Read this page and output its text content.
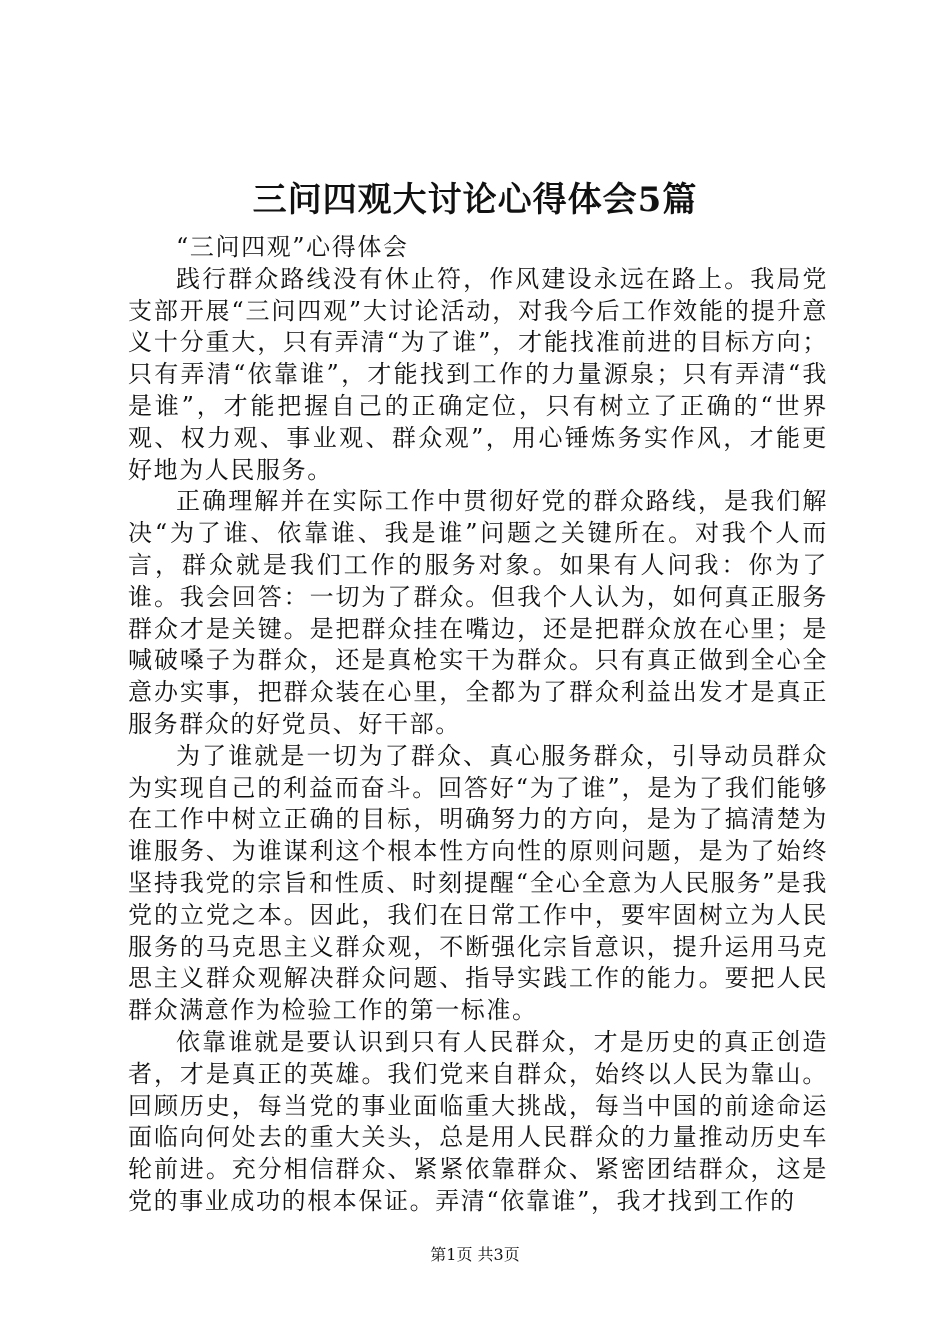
三问四观大讨论心得体会5篇

“三问四观”心得体会

践行群众路线没有休止符，作风建设永远在路上。我局党支部开展“三问四观”大讨论活动，对我今后工作效能的提升意义十分重大，只有弄清“为了谁”，才能找准前进的目标方向；只有弄清“依靠谁”，才能找到工作的力量源泉；只有弄清“我是谁”，才能把握自己的正确定位，只有树立了正确的“世界观、权力观、事业观、群众观”，用心锤炼务实作风，才能更好地为人民服务。

正确理解并在实际工作中贯彻好党的群众路线，是我们解决“为了谁、依靠谁、我是谁”问题之关键所在。对我个人而言，群众就是我们工作的服务对象。如果有人问我：你为了谁。我会回答：一切为了群众。但我个人认为，如何真正服务群众才是关键。是把群众挂在嘴边，还是把群众放在心里；是喊破嗓子为群众，还是真枪实干为群众。只有真正做到全心全意办实事，把群众装在心里，全都为了群众利益出发才是真正服务群众的好党员、好干部。

为了谁就是一切为了群众、真心服务群众，引导动员群众为实现自己的利益而奋斗。回答好“为了谁”，是为了我们能够在工作中树立正确的目标，明确努力的方向，是为了搞清楚为谁服务、为谁谋利这个根本性方向性的原则问题，是为了始终坚持我党的宗旨和性质、时刻提醒“全心全意为人民服务”是我党的立党之本。因此，我们在日常工作中，要牢固树立为人民服务的马克思主义群众观，不断强化宗旨意识，提升运用马克思主义群众观解决群众问题、指导实践工作的能力。要把人民群众满意作为检验工作的第一标准。

依靠谁就是要认识到只有人民群众，才是历史的真正创造者，才是真正的英雄。我们党来自群众，始终以人民为靠山。回顾历史，每当党的事业面临重大挑战，每当中国的前途命运面临向何处去的重大关头，总是用人民群众的力量推动历史车轮前进。充分相信群众、紧紧依靠群众、紧密团结群众，这是党的事业成功的根本保证。弄清“依靠谁”，我才找到工作的

第1页 共3页
